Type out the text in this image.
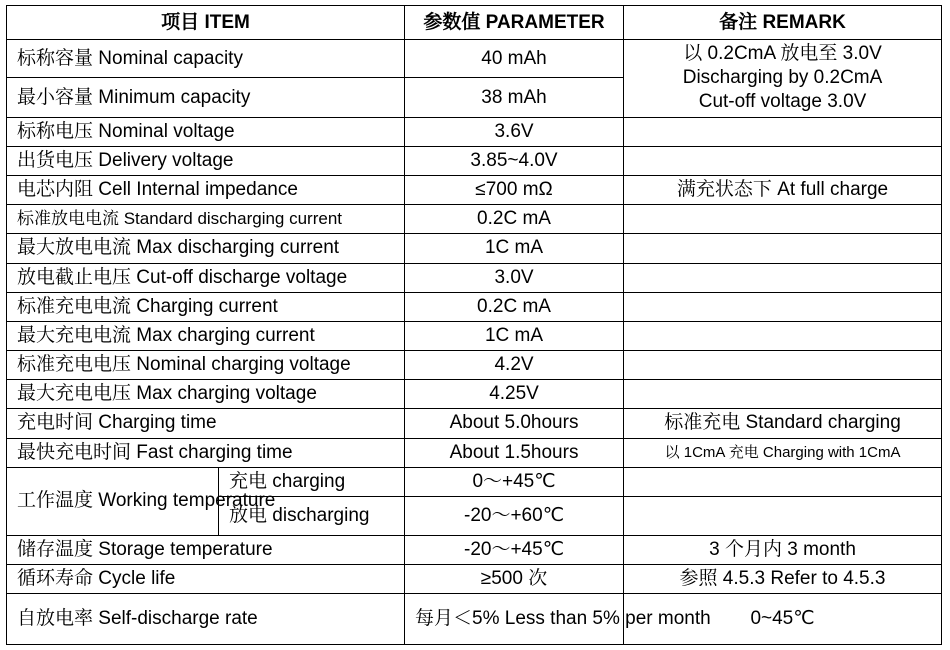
项目 ITEM		参数值 PARAMETER	备注 REMARK
标称容量 Nominal capacity		40 mAh	以 0.2CmA 放电至 3.0V
Discharging by 0.2CmA
Cut-off voltage 3.0V

最小容量 Minimum capacity		38 mAh	
标称电压 Nominal voltage		3.6V	
出货电压 Delivery voltage		3.85~4.0V	
电芯内阻 Cell Internal impedance		≤700 mΩ	满充状态下 At full charge
标准放电电流 Standard discharging current		0.2C mA	
最大放电电流 Max discharging current		1C mA	
放电截止电压 Cut-off discharge voltage		3.0V	
标准充电电流 Charging current		0.2C mA	
最大充电电流 Max charging current		1C mA	
标准充电电压 Nominal charging voltage		4.2V	
最大充电电压 Max charging voltage		4.25V	
充电时间 Charging time		About 5.0hours	标准充电 Standard charging
最快充电时间 Fast charging time		About 1.5hours	以 1CmA 充电 Charging with 1CmA
工作温度 Working temperature	充电 charging	0～+45℃	
	放电 discharging	-20～+60℃	
储存温度 Storage temperature		-20～+45℃	3 个月内 3 month
循环寿命 Cycle life		≥500 次	参照 4.5.3 Refer to 4.5.3
自放电率 Self-discharge rate		每月＜5% Less than 5% per month	0~45℃
